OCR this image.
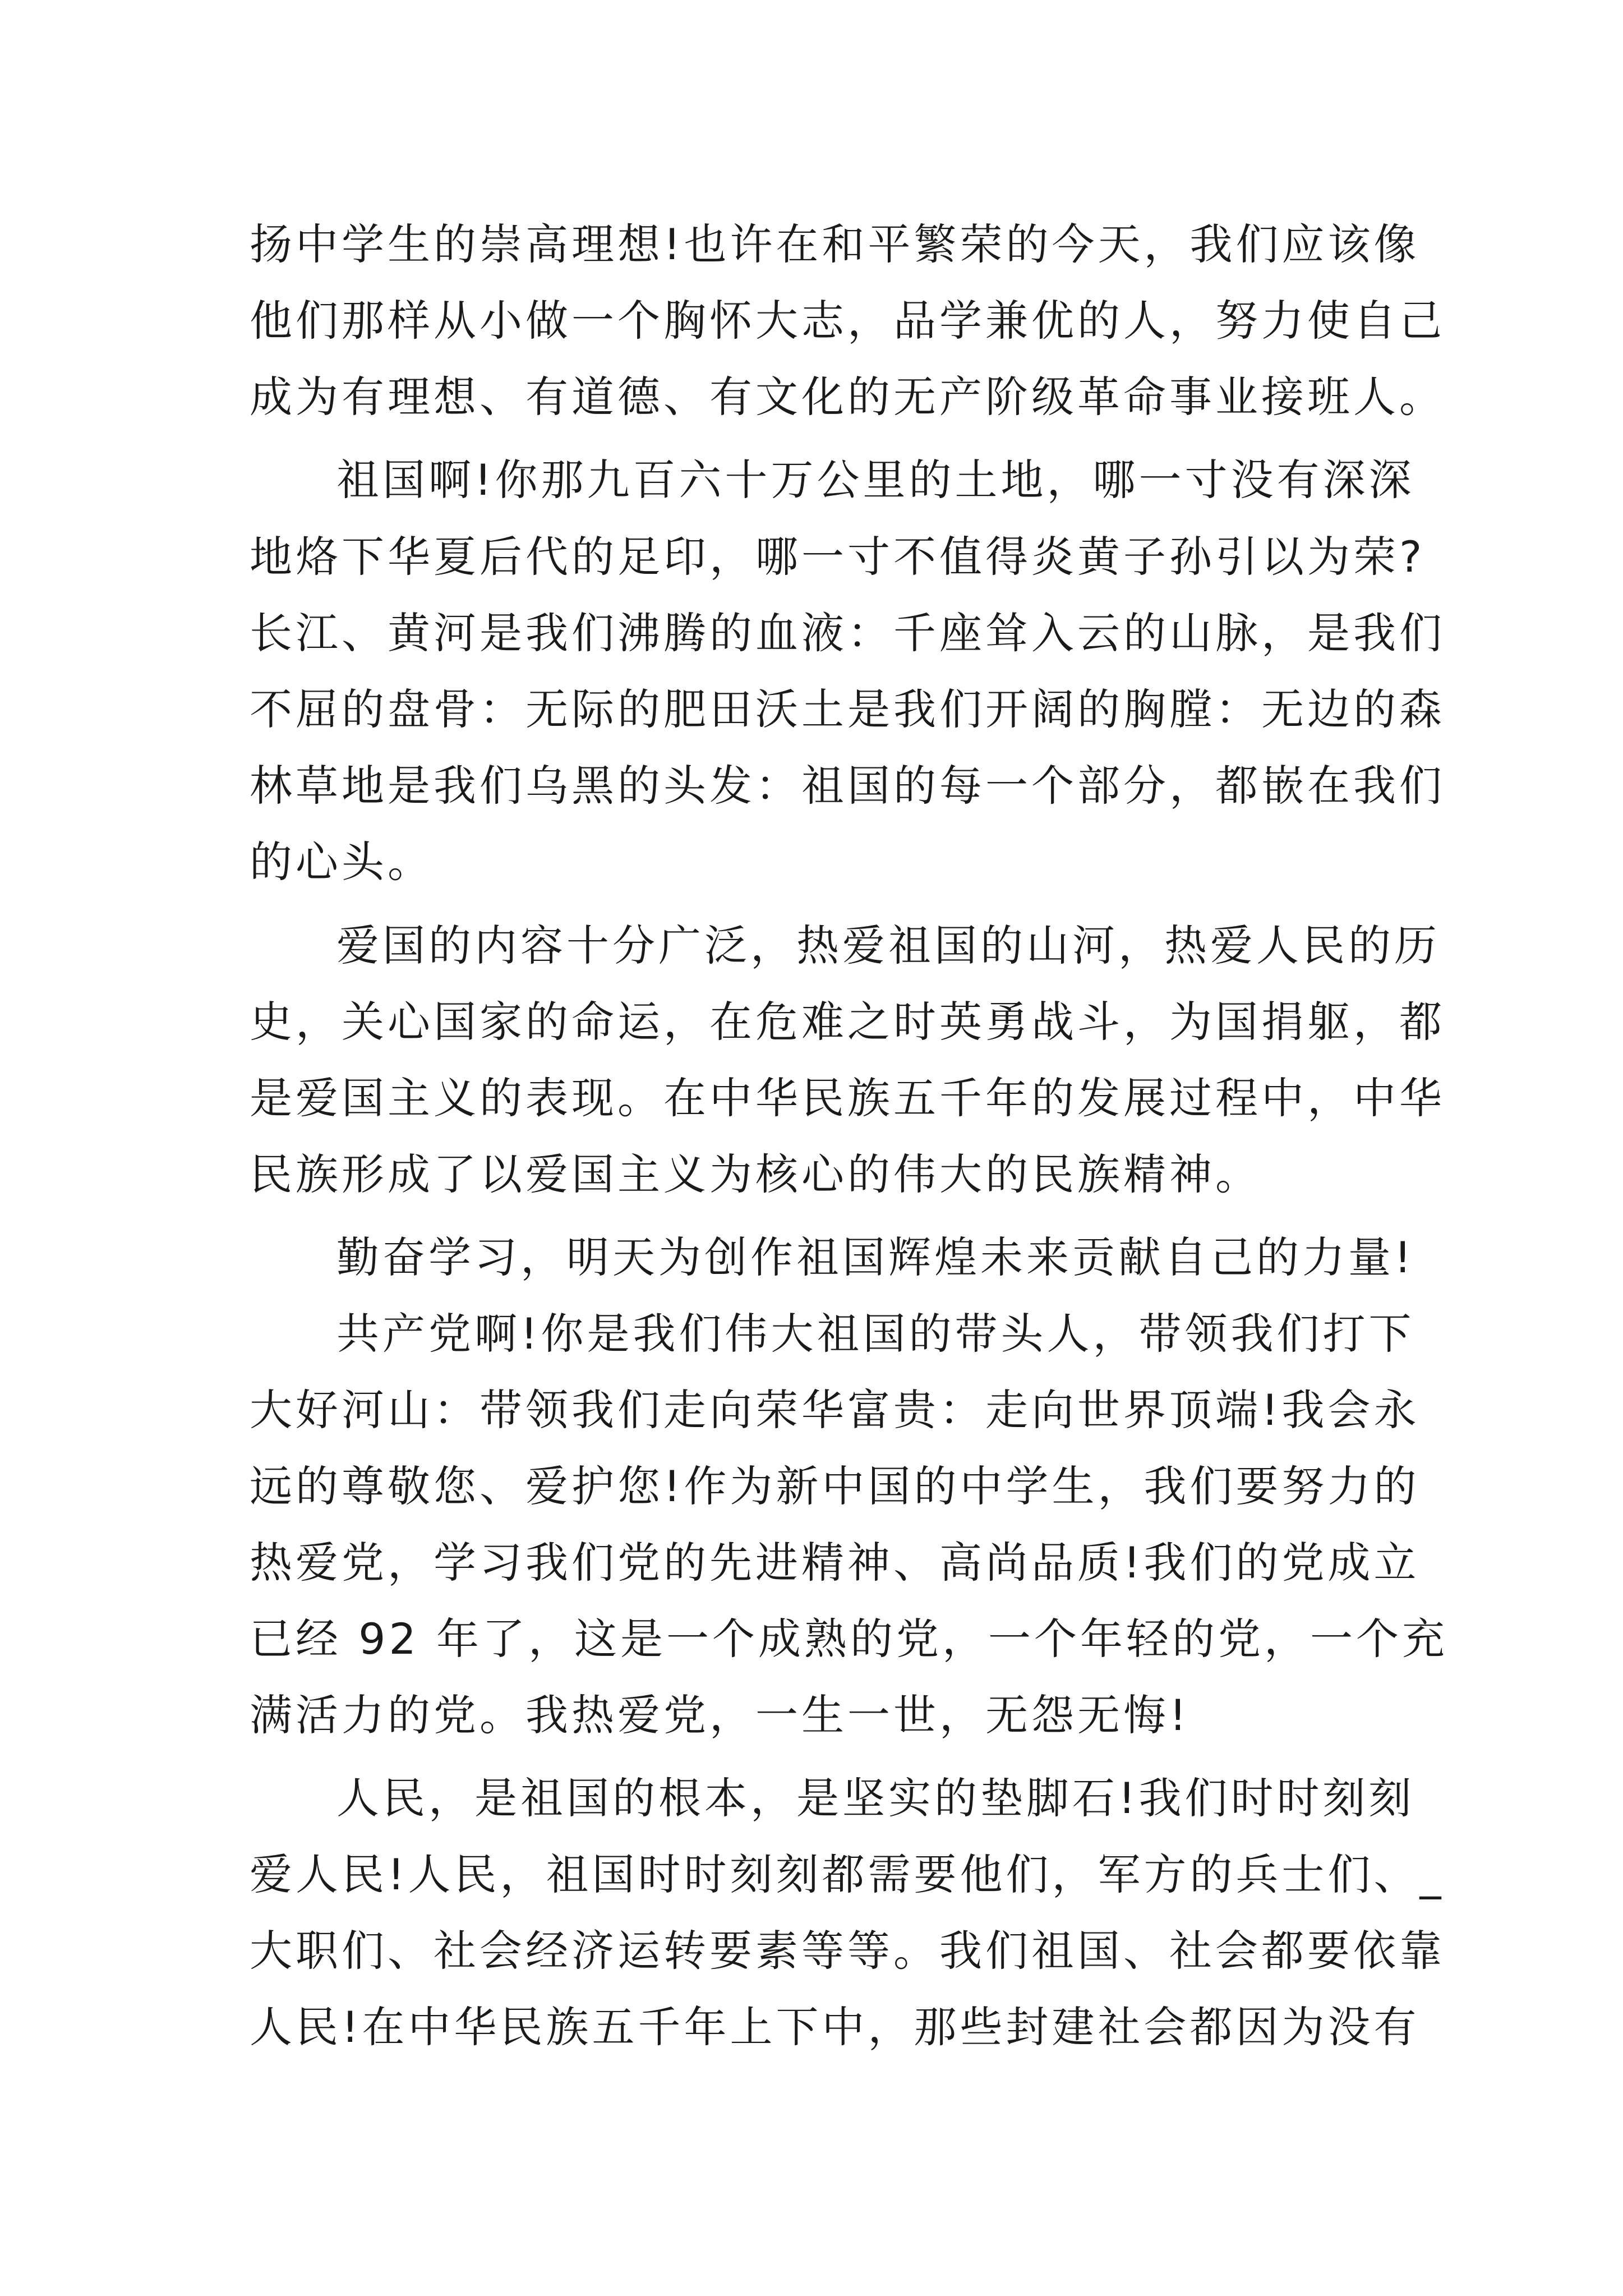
扬中学生的崇高理想!也许在和平繁荣的今天，我们应该像
他们那样从小做一个胸怀大志，品学兼优的人，努力使自己
成为有理想、有道德、有文化的无产阶级革命事业接班人。
祖国啊!你那九百六十万公里的土地，哪一寸没有深深
地烙下华夏后代的足印，哪一寸不值得炎黄子孙引以为荣?
长江、黄河是我们沸腾的血液：千座耸入云的山脉，是我们
不屈的盘骨：无际的肥田沃土是我们开阔的胸膛：无边的森
林草地是我们乌黑的头发：祖国的每一个部分，都嵌在我们
的心头。
爱国的内容十分广泛，热爱祖国的山河，热爱人民的历
史，关心国家的命运，在危难之时英勇战斗，为国捐躯，都
是爱国主义的表现。在中华民族五千年的发展过程中，中华
民族形成了以爱国主义为核心的伟大的民族精神。
勤奋学习，明天为创作祖国辉煌未来贡献自己的力量!
共产党啊!你是我们伟大祖国的带头人，带领我们打下
大好河山：带领我们走向荣华富贵：走向世界顶端!我会永
远的尊敬您、爱护您!作为新中国的中学生，我们要努力的
热爱党，学习我们党的先进精神、高尚品质!我们的党成立
已经 92 年了，这是一个成熟的党，一个年轻的党，一个充
满活力的党。我热爱党，一生一世，无怨无悔!
人民，是祖国的根本，是坚实的垫脚石!我们时时刻刻
爱人民!人民，祖国时时刻刻都需要他们，军方的兵士们、_
大职们、社会经济运转要素等等。我们祖国、社会都要依靠
人民!在中华民族五千年上下中，那些封建社会都因为没有
